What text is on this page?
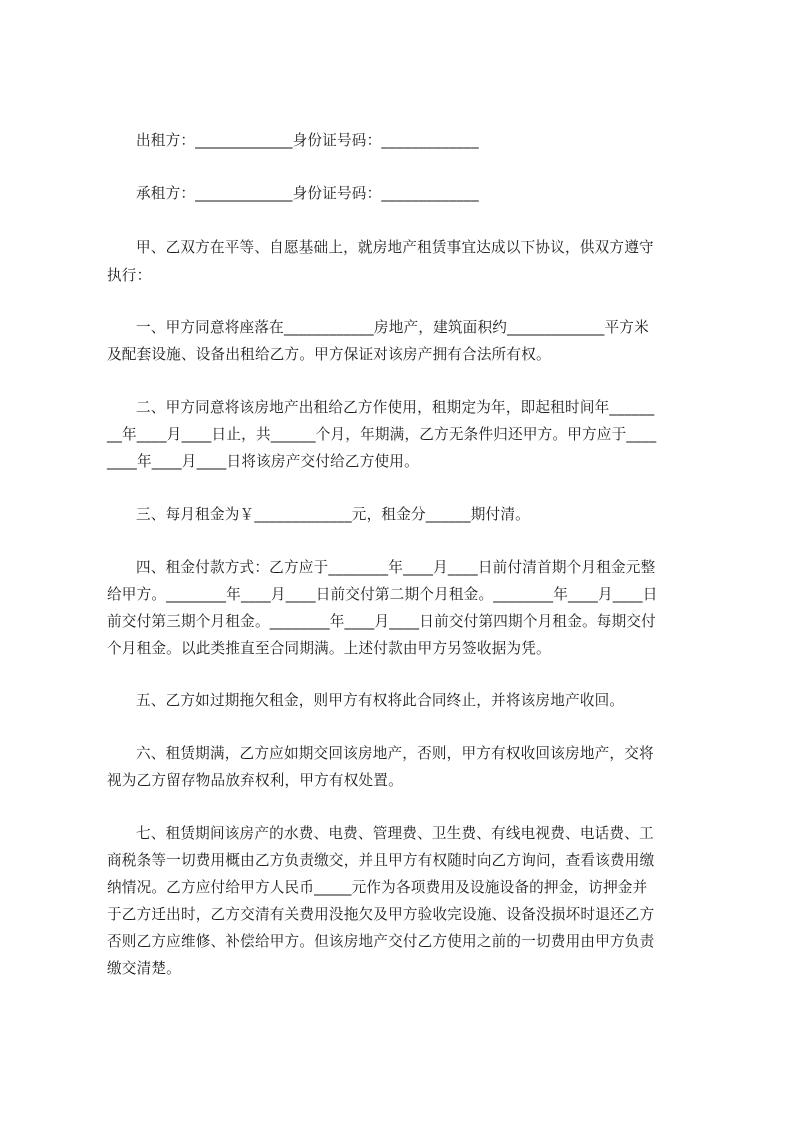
出租方：_____________身份证号码：_____________
承租方：_____________身份证号码：_____________
甲、乙双方在平等、自愿基础上，就房地产租赁事宜达成以下协议，供双方遵守
执行：
一、甲方同意将座落在____________房地产，建筑面积约_____________平方米
及配套设施、设备出租给乙方。甲方保证对该房产拥有合法所有权。
二、甲方同意将该房地产出租给乙方作使用，租期定为年，即起租时间年______
__年____月____日止，共______个月，年期满，乙方无条件归还甲方。甲方应于____
____年____月____日将该房产交付给乙方使用。
三、每月租金为￥_____________元，租金分______期付清。
四、租金付款方式：乙方应于________年____月____日前付清首期个月租金元整
给甲方。________年____月____日前交付第二期个月租金。________年____月____日
前交付第三期个月租金。________年____月____日前交付第四期个月租金。每期交付
个月租金。以此类推直至合同期满。上述付款由甲方另签收据为凭。
五、乙方如过期拖欠租金，则甲方有权将此合同终止，并将该房地产收回。
六、租赁期满，乙方应如期交回该房地产，否则，甲方有权收回该房地产，交将
视为乙方留存物品放弃权利，甲方有权处置。
七、租赁期间该房产的水费、电费、管理费、卫生费、有线电视费、电话费、工
商税条等一切费用概由乙方负责缴交，并且甲方有权随时向乙方询问，查看该费用缴
纳情况。乙方应付给甲方人民币_____元作为各项费用及设施设备的押金，访押金并
于乙方迁出时，乙方交清有关费用没拖欠及甲方验收完设施、设备没损坏时退还乙方
否则乙方应维修、补偿给甲方。但该房地产交付乙方使用之前的一切费用由甲方负责
缴交清楚。
